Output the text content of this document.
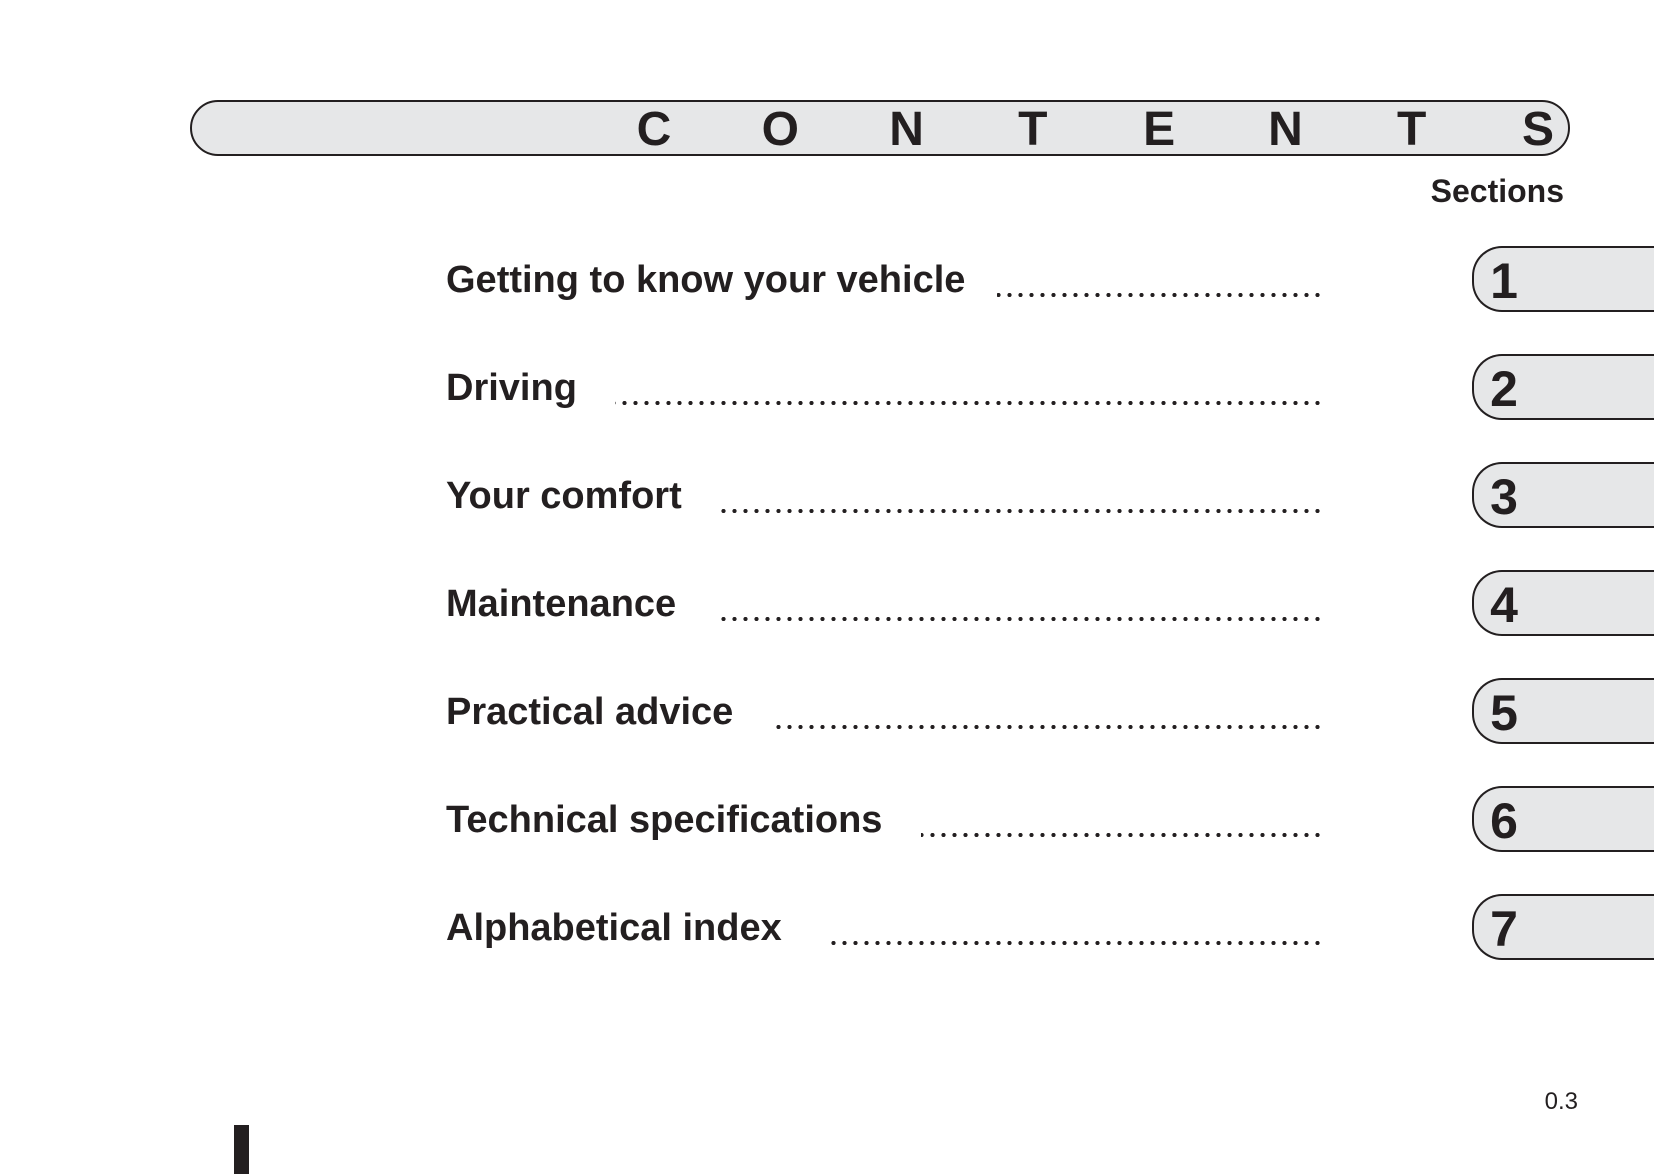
C O N T E N T S
Sections
Getting to know your vehicle
Driving
Your comfort
Maintenance
Practical advice
Technical specifications
Alphabetical index
1
2
3
4
5
6
7
0.3
